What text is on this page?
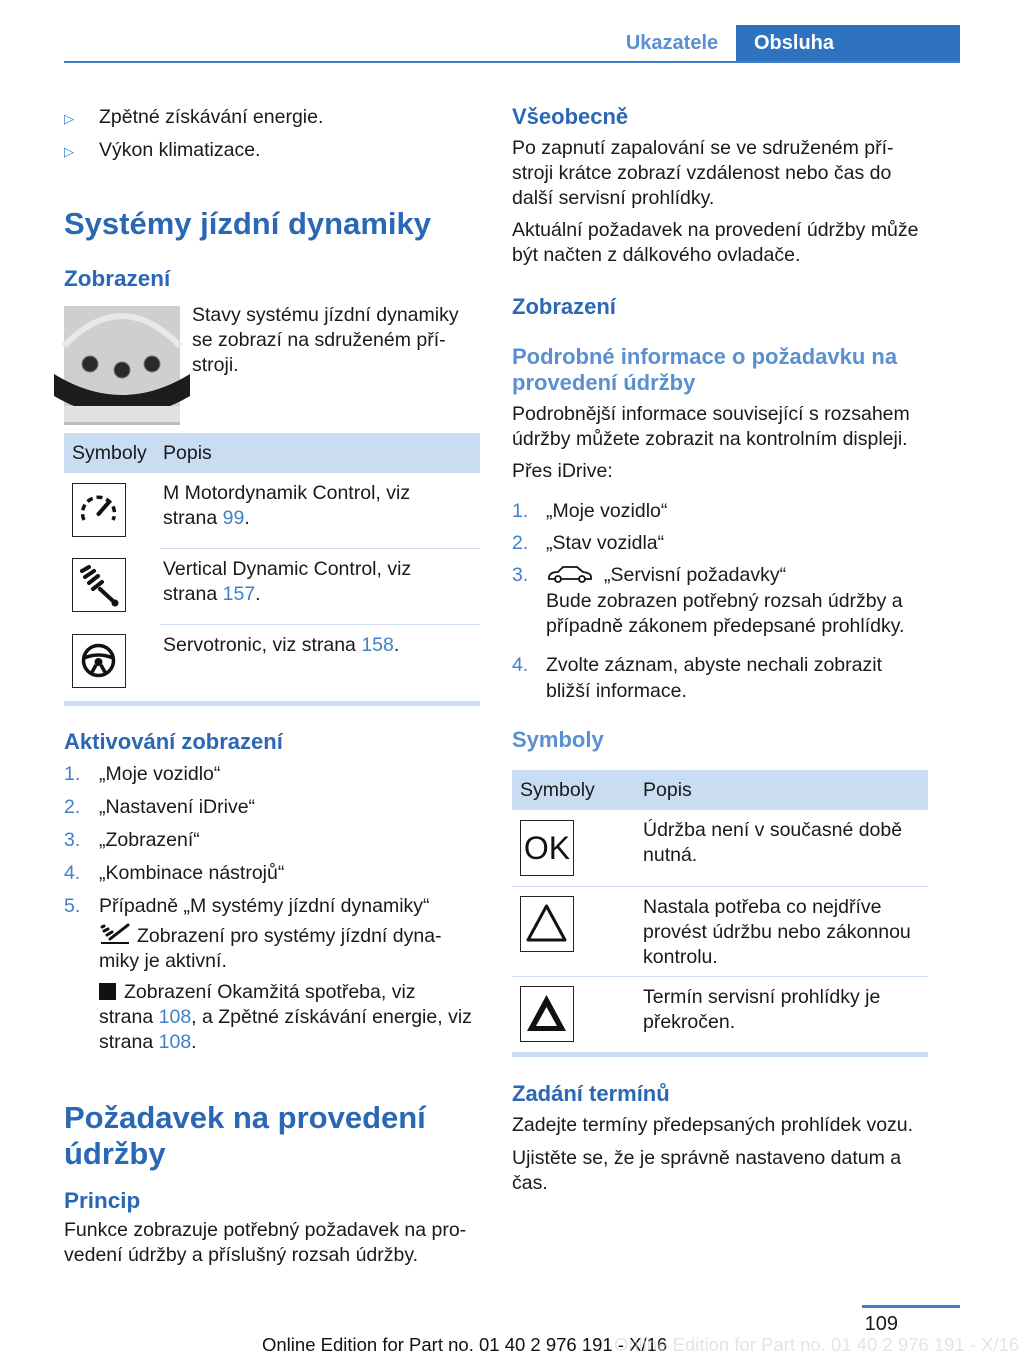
Ukazatele	Obsluha
▷ Zpětné získávání energie.
▷ Výkon klimatizace.
Systémy jízdní dynamiky
Zobrazení
Stavy systému jízdní dynamiky
se zobrazí na sdruženém pří‐
stroji.
Symboly Popis
M Motordynamik Control, viz
strana 99.
Vertical Dynamic Control, viz
strana 157.
Servotronic, viz strana 158.
Aktivování zobrazení
1. „Moje vozidlo“
2. „Nastavení iDrive“
3. „Zobrazení“
4. „Kombinace nástrojů“
5. Případně „M systémy jízdní dynamiky“
Zobrazení pro systémy jízdní dyna‐
miky je aktivní.
Zobrazení Okamžitá spotřeba, viz
strana 108, a Zpětné získávání energie, viz
strana 108.
Požadavek na provedení
údržby
Princip
Funkce zobrazuje potřebný požadavek na pro‐
vedení údržby a příslušný rozsah údržby.
Všeobecně
Po zapnutí zapalování se ve sdruženém pří‐
stroji krátce zobrazí vzdálenost nebo čas do
další servisní prohlídky.
Aktuální požadavek na provedení údržby může
být načten z dálkového ovladače.
Zobrazení
Podrobné informace o požadavku na
provedení údržby
Podrobnější informace související s rozsahem
údržby můžete zobrazit na kontrolním displeji.
Přes iDrive:
1. „Moje vozidlo“
2. „Stav vozidla“
3.	„Servisní požadavky“
Bude zobrazen potřebný rozsah údržby a
případně zákonem předepsané prohlídky.
4. Zvolte záznam, abyste nechali zobrazit
bližší informace.
Symboly
Symboly Popis
OK	Údržba není v současné době
nutná.
Nastala potřeba co nejdříve
provést údržbu nebo zákonnou
kontrolu.
Termín servisní prohlídky je
překročen.
Zadání termínů
Zadejte termíny předepsaných prohlídek vozu.
Ujistěte se, že je správně nastaveno datum a
čas.
109
Online Edition for Part no. 01 40 2 976 191 - X/16
Online Edition for Part no. 01 40 2 976 191 - X/16
